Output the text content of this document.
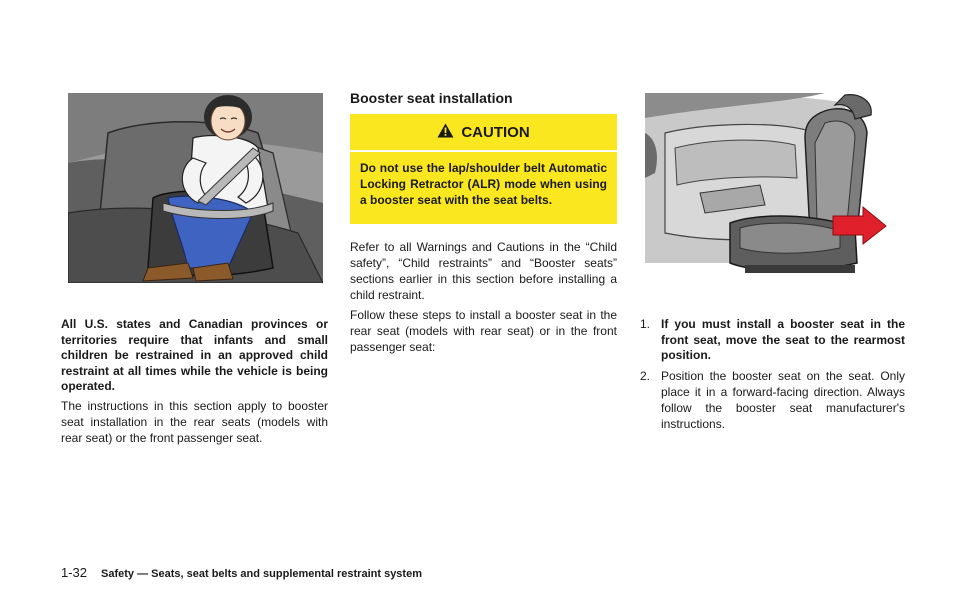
All U.S. states and Canadian provinces or territories require that infants and small children be restrained in an approved child restraint at all times while the vehicle is being operated.

The instructions in this section apply to booster seat installation in the rear seats (models with rear seat) or the front passenger seat.

Booster seat installation
CAUTION
Do not use the lap/shoulder belt Automatic Locking Retractor (ALR) mode when using a booster seat with the seat belts.

Refer to all Warnings and Cautions in the “Child safety”, “Child restraints” and “Booster seats” sections earlier in this section before installing a child restraint.

Follow these steps to install a booster seat in the rear seat (models with rear seat) or in the front passenger seat:

1. If you must install a booster seat in the front seat, move the seat to the rearmost position.
2. Position the booster seat on the seat. Only place it in a forward-facing direction. Always follow the booster seat manufacturer's instructions.
1-32 Safety — Seats, seat belts and supplemental restraint system
